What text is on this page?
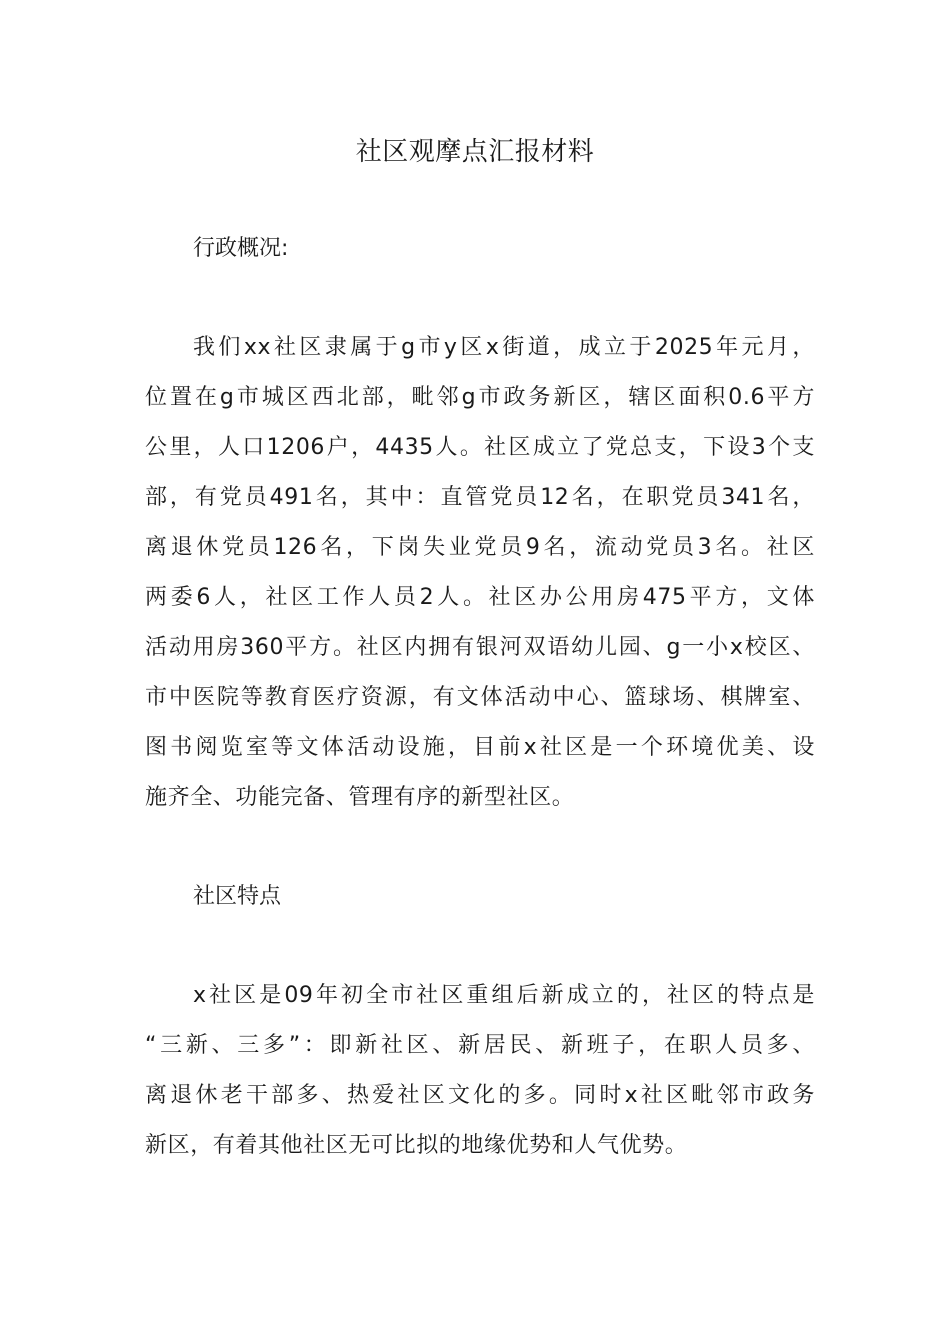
社区观摩点汇报材料
行政概况:
我们xx社区隶属于g市y区x街道，成立于2025年元月，
位置在g市城区西北部，毗邻g市政务新区，辖区面积0.6平方
公里，人口1206户，4435人。社区成立了党总支，下设3个支
部，有党员491名，其中：直管党员12名，在职党员341名，
离退休党员126名，下岗失业党员9名，流动党员3名。社区
两委6人，社区工作人员2人。社区办公用房475平方，文体
活动用房360平方。社区内拥有银河双语幼儿园、g一小x校区、
市中医院等教育医疗资源，有文体活动中心、篮球场、棋牌室、
图书阅览室等文体活动设施，目前x社区是一个环境优美、设
施齐全、功能完备、管理有序的新型社区。
社区特点
x社区是09年初全市社区重组后新成立的，社区的特点是
“三新、三多”：即新社区、新居民、新班子，在职人员多、
离退休老干部多、热爱社区文化的多。同时x社区毗邻市政务
新区，有着其他社区无可比拟的地缘优势和人气优势。
